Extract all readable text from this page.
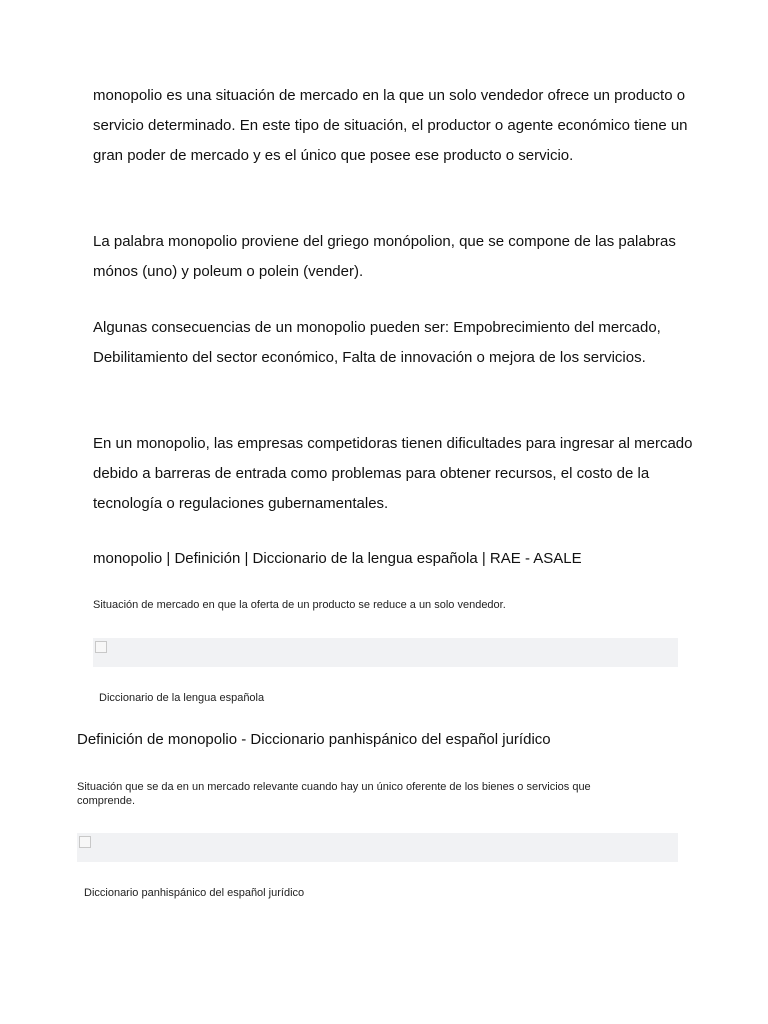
monopolio es una situación de mercado en la que un solo vendedor ofrece un producto o servicio determinado. En este tipo de situación, el productor o agente económico tiene un gran poder de mercado y es el único que posee ese producto o servicio.

La palabra monopolio proviene del griego monópolion, que se compone de las palabras mónos (uno) y poleum o polein (vender).

Algunas consecuencias de un monopolio pueden ser: Empobrecimiento del mercado, Debilitamiento del sector económico, Falta de innovación o mejora de los servicios.

En un monopolio, las empresas competidoras tienen dificultades para ingresar al mercado debido a barreras de entrada como problemas para obtener recursos, el costo de la tecnología o regulaciones gubernamentales.

monopolio | Definición | Diccionario de la lengua española | RAE - ASALE

Situación de mercado en que la oferta de un producto se reduce a un solo vendedor.

Diccionario de la lengua española

Definición de monopolio - Diccionario panhispánico del español jurídico

Situación que se da en un mercado relevante cuando hay un único oferente de los bienes o servicios que comprende.

Diccionario panhispánico del español jurídico
